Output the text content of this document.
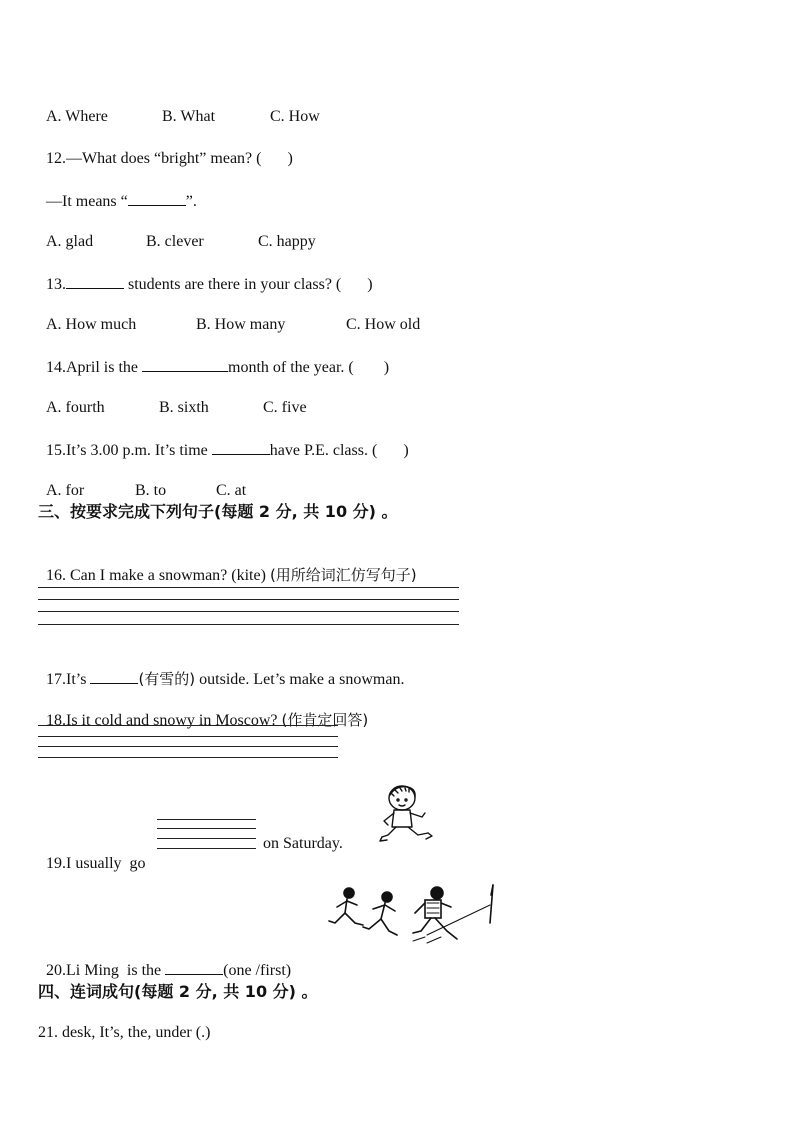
A. Where	B. What	C. How

12.—What does “bright” mean? ( )

—It means “	”.

A. glad	B. clever	C. happy

13.	students are there in your class? ( )

A. How much	B. How many	C. How old

14.April is the	month of the year. ( )

A. fourth	B. sixth	C. five

15.It’s 3.00 p.m. It’s time	have P.E. class. ( )

A. for	B. to	C. at

三、按要求完成下列句子(每题 2 分, 共 10 分) 。

16. Can I make a snowman? (kite) (用所给词汇仿写句子)

17.It’s	(有雪的) outside. Let’s make a snowman.

18.Is it cold and snowy in Moscow? (作肯定回答)

19.I usually  go

on Saturday.

20.Li Ming  is the	(one /first)

四、连词成句(每题 2 分, 共 10 分) 。
21. desk, It’s, the, under (.)
